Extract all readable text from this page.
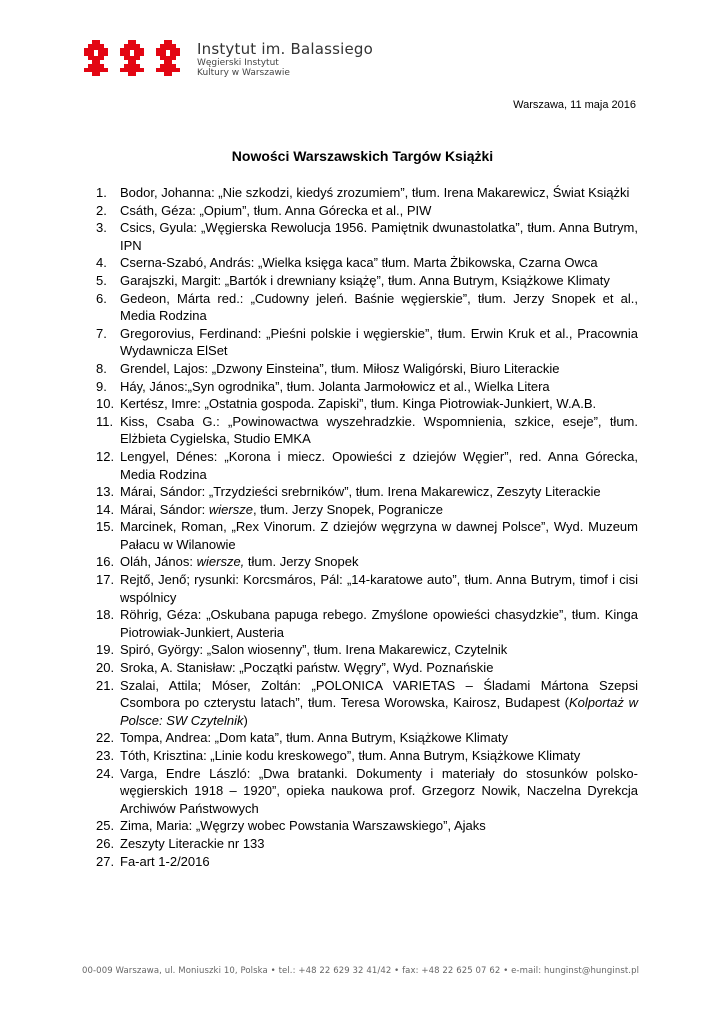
Instytut im. Balassiego
Węgierski Instytut
Kultury w Warszawie
Warszawa, 11 maja 2016
Nowości Warszawskich Targów Książki
1.	Bodor, Johanna: „Nie szkodzi, kiedyś zrozumiem”, tłum. Irena Makarewicz, Świat Książki
2.	Csáth, Géza: „Opium”, tłum. Anna Górecka et al., PIW
3.	Csics, Gyula: „Węgierska Rewolucja 1956. Pamiętnik dwunastolatka”, tłum. Anna Butrym, IPN
4.	Cserna-Szabó, András: „Wielka księga kaca” tłum. Marta Żbikowska, Czarna Owca
5.	Garajszki, Margit: „Bartók i drewniany książę”, tłum. Anna Butrym, Książkowe Klimaty
6.	Gedeon, Márta red.: „Cudowny jeleń. Baśnie węgierskie”, tłum. Jerzy Snopek et al., Media Rodzina
7.	Gregorovius, Ferdinand: „Pieśni polskie i węgierskie”, tłum. Erwin Kruk et al., Pracownia Wydawnicza ElSet
8.	Grendel, Lajos: „Dzwony Einsteina”, tłum. Miłosz Waligórski, Biuro Literackie
9.	Háy, János:„Syn ogrodnika”, tłum. Jolanta Jarmołowicz et al., Wielka Litera
10. Kertész, Imre: „Ostatnia gospoda. Zapiski”, tłum. Kinga Piotrowiak-Junkiert, W.A.B.
11. Kiss, Csaba G.: „Powinowactwa wyszehradzkie. Wspomnienia, szkice, eseje”, tłum. Elżbieta Cygielska, Studio EMKA
12. Lengyel, Dénes: „Korona i miecz. Opowieści z dziejów Węgier”, red. Anna Górecka, Media Rodzina
13. Márai, Sándor: „Trzydzieści srebrników”, tłum. Irena Makarewicz, Zeszyty Literackie
14. Márai, Sándor: wiersze, tłum. Jerzy Snopek, Pogranicze
15. Marcinek, Roman, „Rex Vinorum. Z dziejów węgrzyna w dawnej Polsce”, Wyd. Muzeum Pałacu w Wilanowie
16. Oláh, János: wiersze, tłum. Jerzy Snopek
17. Rejtő, Jenő; rysunki: Korcsmáros, Pál: „14-karatowe auto”, tłum. Anna Butrym, timof i cisi wspólnicy
18. Röhrig, Géza: „Oskubana papuga rebego. Zmyślone opowieści chasydzkie”, tłum. Kinga Piotrowiak-Junkiert, Austeria
19. Spiró, György: „Salon wiosenny”, tłum. Irena Makarewicz, Czytelnik
20. Sroka, A. Stanisław: „Początki państw. Węgry”, Wyd. Poznańskie
21. Szalai, Attila; Móser, Zoltán: „POLONICA VARIETAS – Śladami Mártona Szepsi Csombora po czterystu latach”, tłum. Teresa Worowska, Kairosz, Budapest (Kolportaż w Polsce: SW Czytelnik)
22. Tompa, Andrea: „Dom kata”, tłum. Anna Butrym, Książkowe Klimaty
23. Tóth, Krisztina: „Linie kodu kreskowego”, tłum. Anna Butrym, Książkowe Klimaty
24. Varga, Endre László: „Dwa bratanki. Dokumenty i materiały do stosunków polsko-węgierskich 1918 – 1920”, opieka naukowa prof. Grzegorz Nowik, Naczelna Dyrekcja Archiwów Państwowych
25. Zima, Maria: „Węgrzy wobec Powstania Warszawskiego”, Ajaks
26. Zeszyty Literackie nr 133
27. Fa-art 1-2/2016
00-009 Warszawa, ul. Moniuszki 10, Polska • tel.: +48 22 629 32 41/42 • fax: +48 22 625 07 62 • e-mail: hunginst@hunginst.pl
